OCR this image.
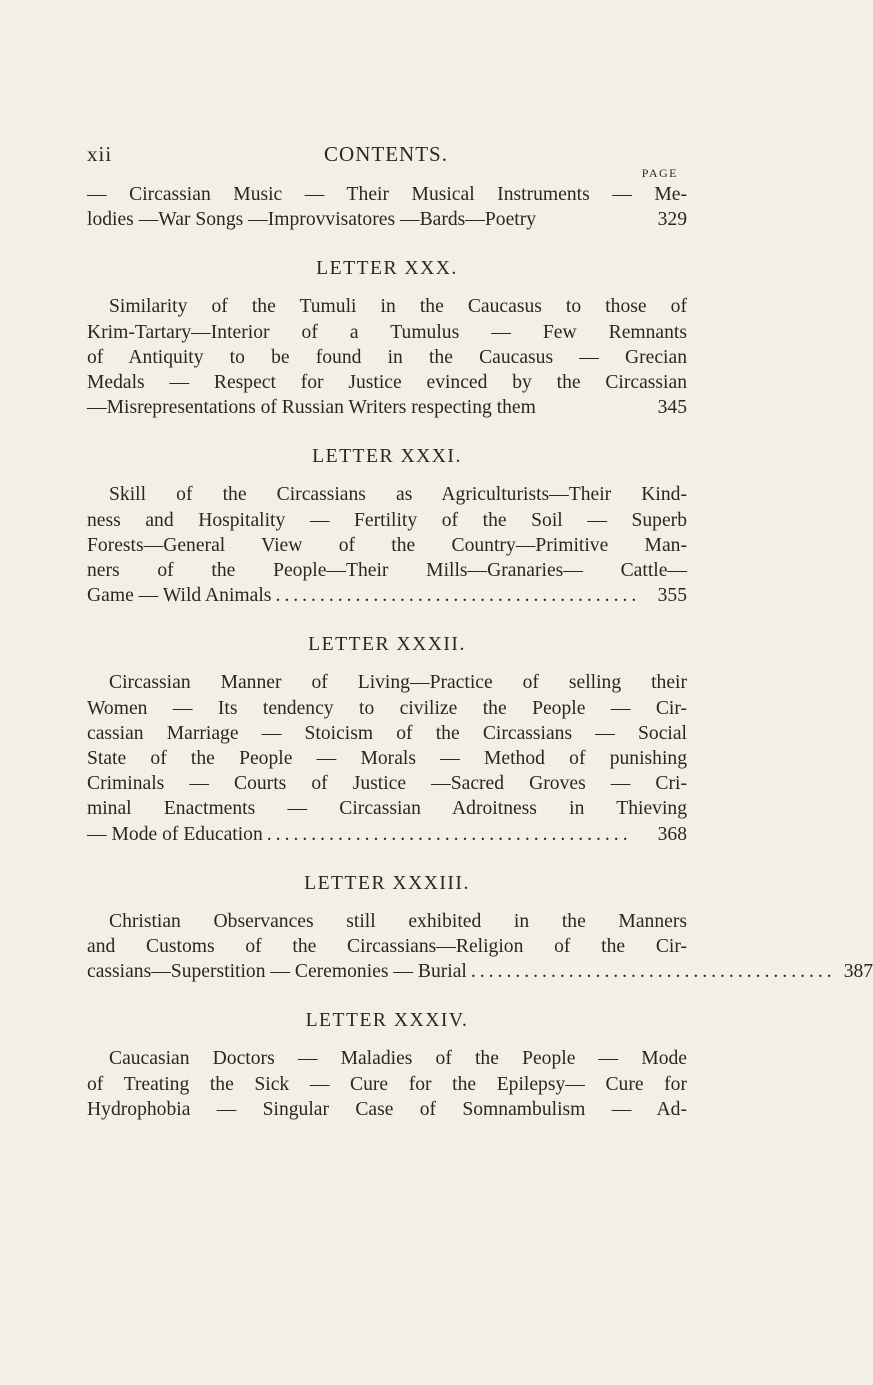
xii	CONTENTS.
PAGE
— Circassian Music — Their Musical Instruments — Me-
lodies —War Songs —Improvvisatores —Bards—Poetry	329
LETTER XXX.
Similarity of the Tumuli in the Caucasus to those of
Krim-Tartary—Interior of a Tumulus — Few Remnants
of Antiquity to be found in the Caucasus — Grecian
Medals — Respect for Justice evinced by the Circassian
—Misrepresentations of Russian Writers respecting them	345
LETTER XXXI.
Skill of the Circassians as Agriculturists—Their Kind-
ness and Hospitality — Fertility of the Soil — Superb
Forests—General View of the Country—Primitive Man-
ners of the People—Their Mills—Granaries— Cattle—
Game — Wild Animals ......................................... 355
LETTER XXXII.
Circassian Manner of Living—Practice of selling their
Women — Its tendency to civilize the People — Cir-
cassian Marriage — Stoicism of the Circassians — Social
State of the People — Morals — Method of punishing
Criminals — Courts of Justice —Sacred Groves — Cri-
minal Enactments — Circassian Adroitness in Thieving
— Mode of Education .........................................	368
LETTER XXXIII.
Christian Observances still exhibited in the Manners
and Customs of the Circassians—Religion of the Cir-
cassians—Superstition — Ceremonies — Burial ......................................... 387
LETTER XXXIV.
Caucasian Doctors — Maladies of the People — Mode
of Treating the Sick — Cure for the Epilepsy— Cure for
Hydrophobia — Singular Case of Somnambulism — Ad-
